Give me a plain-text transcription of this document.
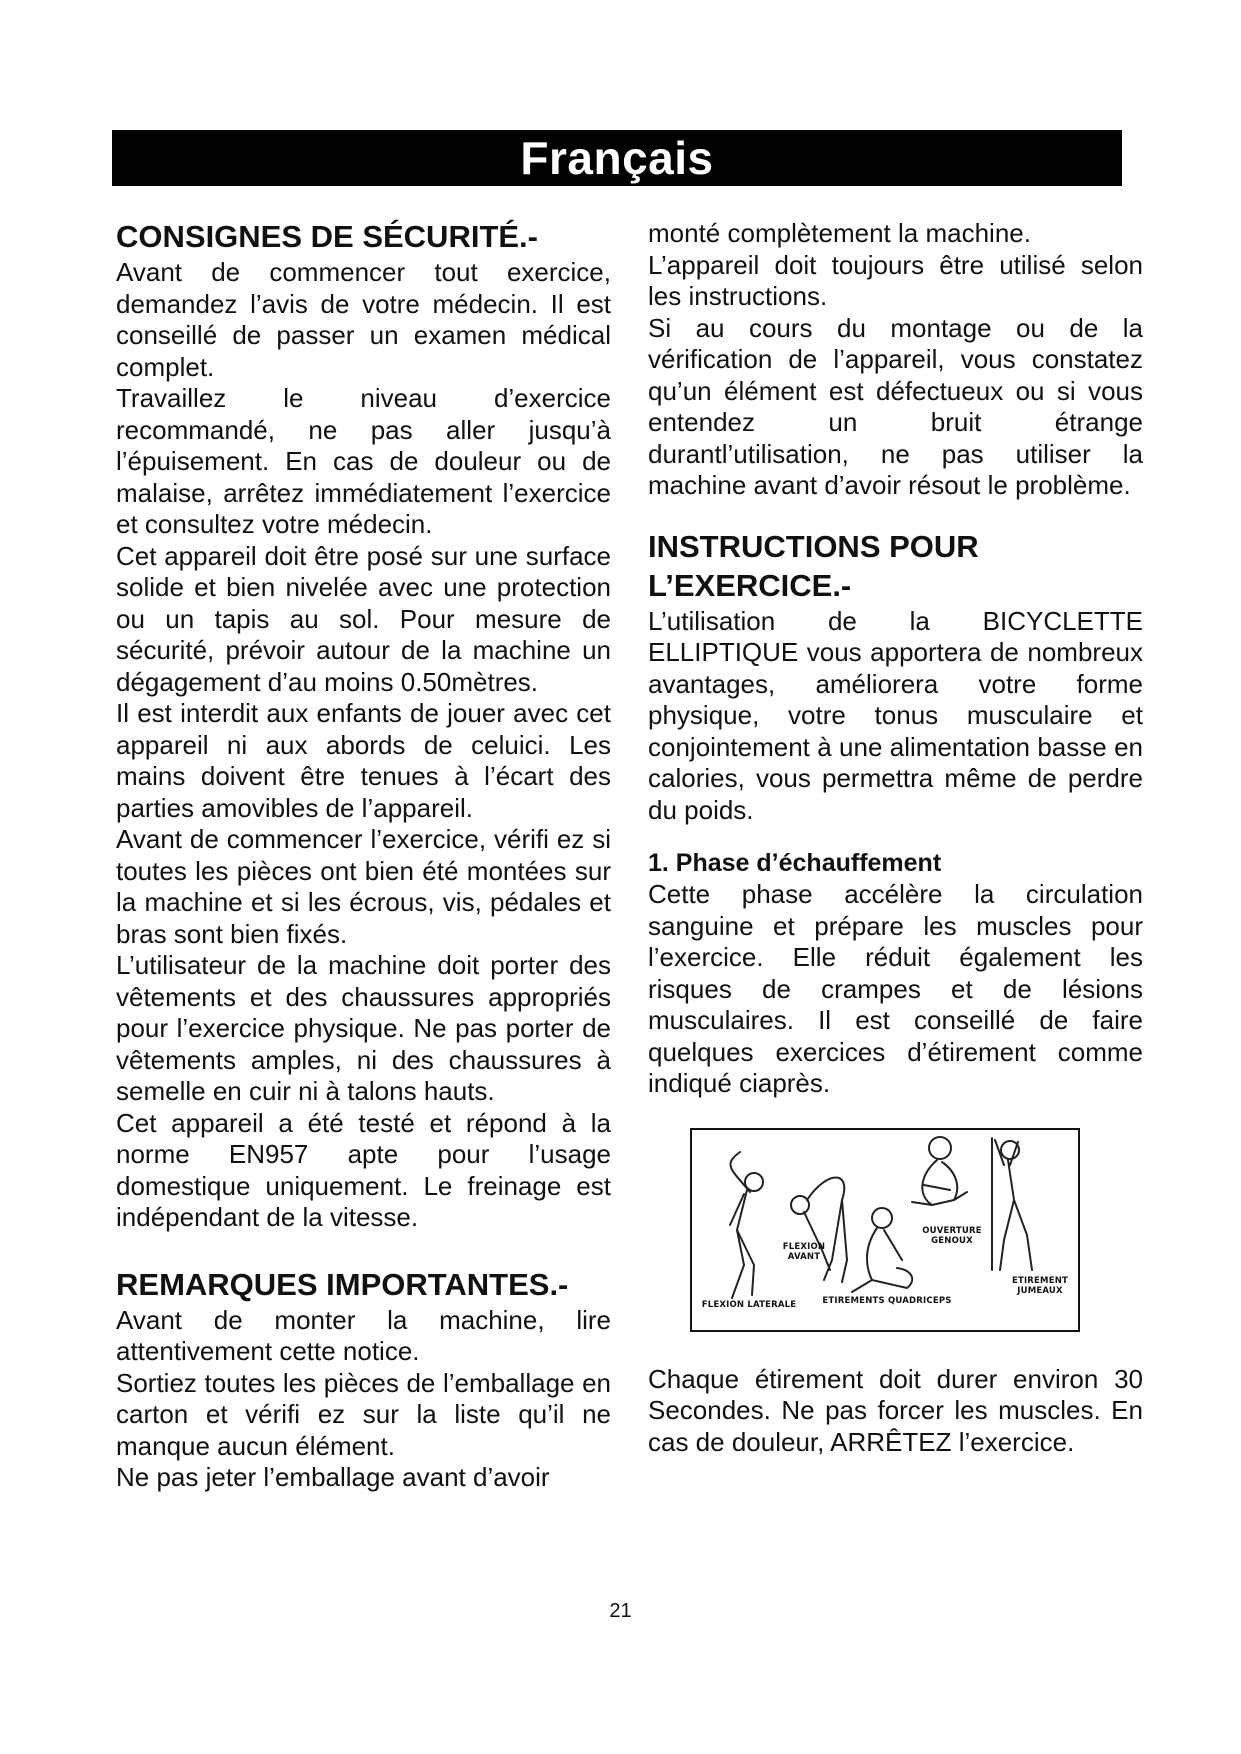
Français
CONSIGNES DE SÉCURITÉ.-

Avant de commencer tout exercice, demandez l’avis de votre médecin. Il est conseillé de passer un examen médical complet.

Travaillez le niveau d’exercice recommandé, ne pas aller jusqu’à l’épuisement. En cas de douleur ou de malaise, arrêtez immédiatement l’exercice et consultez votre médecin.

Cet appareil doit être posé sur une surface solide et bien nivelée avec une protection ou un tapis au sol. Pour mesure de sécurité, prévoir autour de la machine un dégagement d’au moins 0.50mètres.

Il est interdit aux enfants de jouer avec cet appareil ni aux abords de celuici. Les mains doivent être tenues à l’écart des parties amovibles de l’appareil.

Avant de commencer l’exercice, vérifi ez si toutes les pièces ont bien été montées sur la machine et si les écrous, vis, pédales et bras sont bien fixés.

L’utilisateur de la machine doit porter des vêtements et des chaussures appropriés pour l’exercice physique. Ne pas porter de vêtements amples, ni des chaussures à semelle en cuir ni à talons hauts.

Cet appareil a été testé et répond à la norme EN957 apte pour l’usage domestique uniquement. Le freinage est indépendant de la vitesse.

REMARQUES IMPORTANTES.-

Avant de monter la machine, lire attentivement cette notice.

Sortiez toutes les pièces de l’emballage en carton et vérifi ez sur la liste qu’il ne manque aucun élément.

Ne pas jeter l’emballage avant d’avoir

monté complètement la machine.

L’appareil doit toujours être utilisé selon les instructions.

Si au cours du montage ou de la vérification de l’appareil, vous constatez qu’un élément est défectueux ou si vous entendez un bruit étrange durantl’utilisation, ne pas utiliser la machine avant d’avoir résout le problème.

INSTRUCTIONS POUR
L’EXERCICE.-

L’utilisation de la BICYCLETTE ELLIPTIQUE vous apportera de nombreux avantages, améliorera votre forme physique, votre tonus musculaire et conjointement à une alimentation basse en calories, vous permettra même de perdre du poids.

1. Phase d’échauffement

Cette phase accélère la circulation sanguine et prépare les muscles pour l’exercice. Elle réduit également les risques de crampes et de lésions musculaires. Il est conseillé de faire quelques exercices d’étirement comme indiqué ciaprès.

FLEXION LATERALE
FLEXION
AVANT
ETIREMENTS QUADRICEPS
OUVERTURE
GENOUX
ETIREMENT
JUMEAUX

Chaque étirement doit durer environ 30 Secondes. Ne pas forcer les muscles. En cas de douleur, ARRÊTEZ l’exercice.

21
